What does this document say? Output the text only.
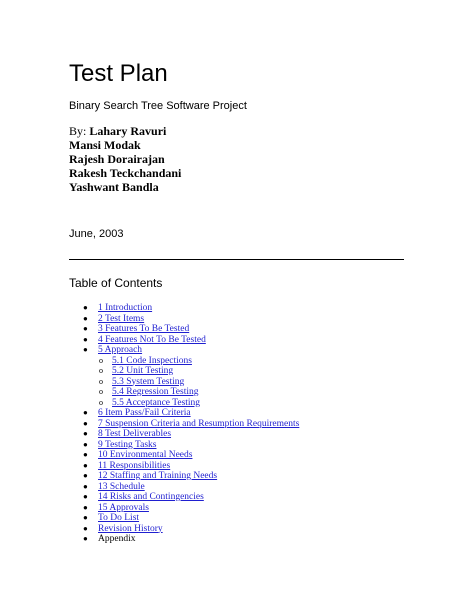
Test Plan
Binary Search Tree Software Project
By: Lahary Ravuri
Mansi Modak
Rajesh Dorairajan
Rakesh Teckchandani
Yashwant Bandla
June, 2003
Table of Contents
● 1 Introduction
● 2 Test Items
● 3 Features To Be Tested
● 4 Features Not To Be Tested
● 5 Approach
o 5.1 Code Inspections
o 5.2 Unit Testing
o 5.3 System Testing
o 5.4 Regression Testing
o 5.5 Acceptance Testing
● 6 Item Pass/Fail Criteria
● 7 Suspension Criteria and Resumption Requirements
● 8 Test Deliverables
● 9 Testing Tasks
● 10 Environmental Needs
● 11 Responsibilities
● 12 Staffing and Training Needs
● 13 Schedule
● 14 Risks and Contingencies
● 15 Approvals
● To Do List
● Revision History
● Appendix
